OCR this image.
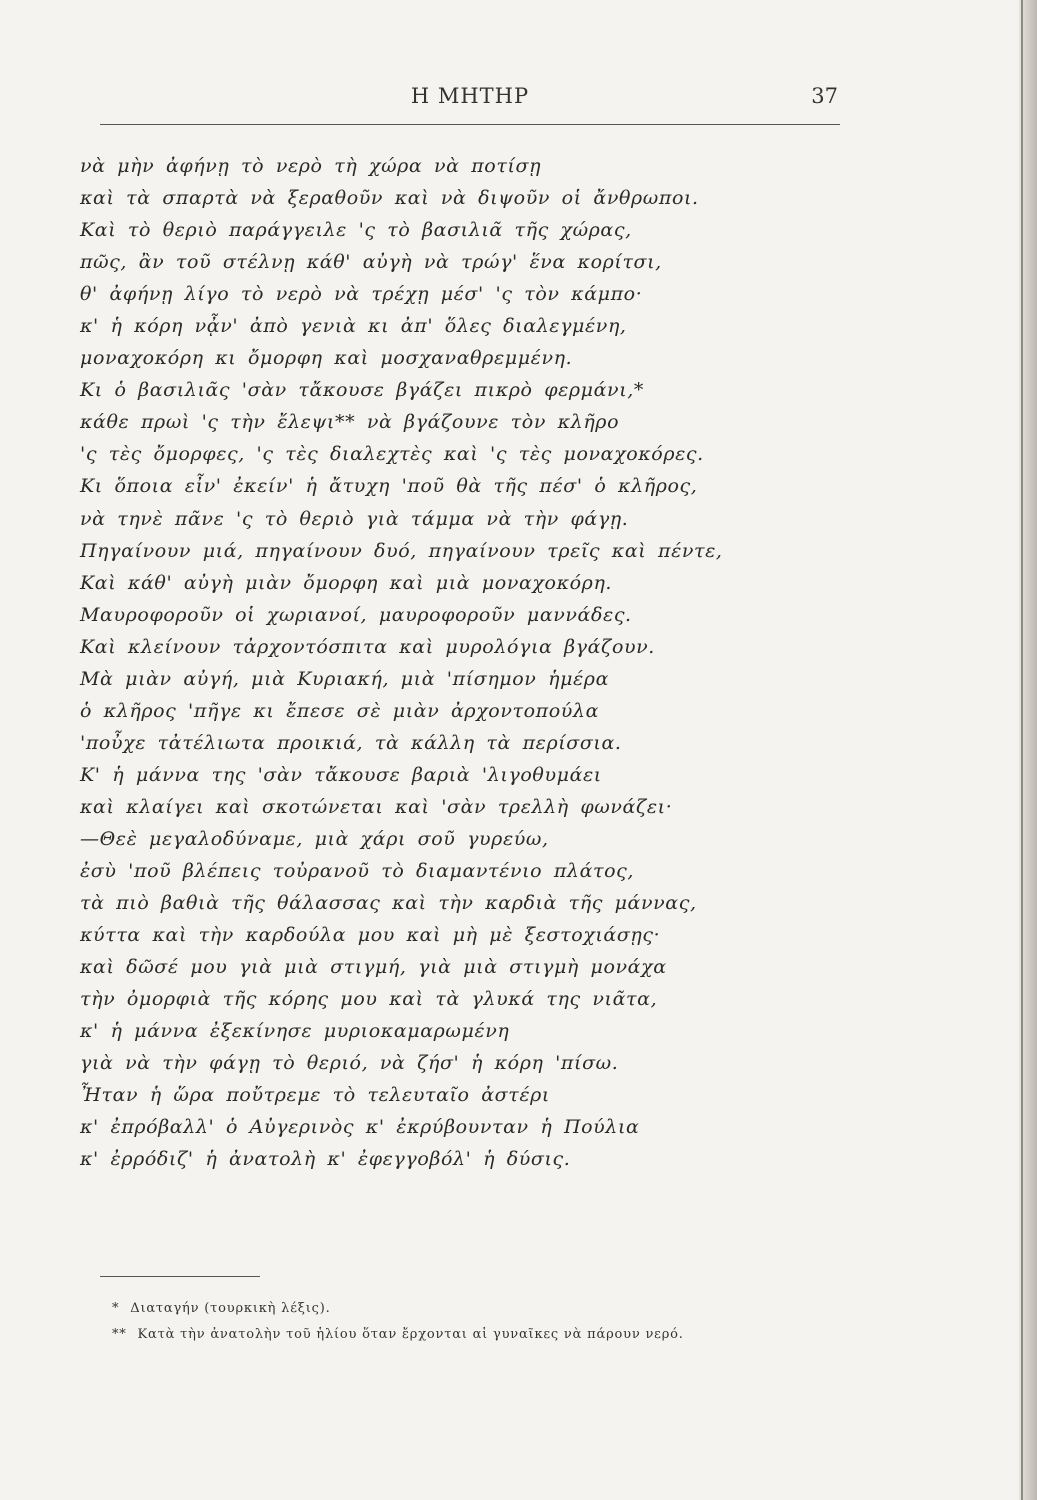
Η ΜΗΤΗΡ	37
νὰ μὴν ἀφήνῃ τὸ νερὸ τὴ χώρα νὰ ποτίσῃ
καὶ τὰ σπαρτὰ νὰ ξεραθοῦν καὶ νὰ διψοῦν οἱ ἄνθρωποι.
Καὶ τὸ θεριὸ παράγγειλε 'ς τὸ βασιλιᾶ τῆς χώρας,
πῶς, ἂν τοῦ στέλνῃ κάθ' αὐγὴ νὰ τρώγ' ἕνα κορίτσι,
θ' ἀφήνῃ λίγο τὸ νερὸ νὰ τρέχῃ μέσ' 'ς τὸν κάμπο·
κ' ἡ κόρη νᾆν' ἀπὸ γενιὰ κι ἀπ' ὅλες διαλεγμένη,
μοναχοκόρη κι ὄμορφη καὶ μοσχαναθρεμμένη.
Κι ὁ βασιλιᾶς 'σὰν τἄκουσε βγάζει πικρὸ φερμάνι,*
κάθε πρωὶ 'ς τὴν ἔλεψι** νὰ βγάζουνε τὸν κλῆρο
'ς τὲς ὄμορφες, 'ς τὲς διαλεχτὲς καὶ 'ς τὲς μοναχοκόρες.
Κι ὅποια εἶν' ἐκείν' ἡ ἄτυχη 'ποῦ θὰ τῆς πέσ' ὁ κλῆρος,
νὰ τηνὲ πᾶνε 'ς τὸ θεριὸ γιὰ τάμμα νὰ τὴν φάγῃ.
Πηγαίνουν μιά, πηγαίνουν δυό, πηγαίνουν τρεῖς καὶ πέντε,
Καὶ κάθ' αὐγὴ μιὰν ὄμορφη καὶ μιὰ μοναχοκόρη.
Μαυροφοροῦν οἱ χωριανοί, μαυροφοροῦν μαννάδες.
Καὶ κλείνουν τἀρχοντόσπιτα καὶ μυρολόγια βγάζουν.
Μὰ μιὰν αὐγή, μιὰ Κυριακή, μιὰ 'πίσημον ἡμέρα
ὁ κλῆρος 'πῆγε κι ἔπεσε σὲ μιὰν ἀρχοντοπούλα
'ποὖχε τἀτέλιωτα προικιά, τὰ κάλλη τὰ περίσσια.
Κ' ἡ μάννα της 'σὰν τἄκουσε βαριὰ 'λιγοθυμάει
καὶ κλαίγει καὶ σκοτώνεται καὶ 'σὰν τρελλὴ φωνάζει·
—Θεὲ μεγαλοδύναμε, μιὰ χάρι σοῦ γυρεύω,
ἐσὺ 'ποῦ βλέπεις τοὐρανοῦ τὸ διαμαντένιο πλάτος,
τὰ πιὸ βαθιὰ τῆς θάλασσας καὶ τὴν καρδιὰ τῆς μάννας,
κύττα καὶ τὴν καρδούλα μου καὶ μὴ μὲ ξεστοχιάσῃς·
καὶ δῶσέ μου γιὰ μιὰ στιγμή, γιὰ μιὰ στιγμὴ μονάχα
τὴν ὀμορφιὰ τῆς κόρης μου καὶ τὰ γλυκά της νιᾶτα,
κ' ἡ μάννα ἐξεκίνησε μυριοκαμαρωμένη
γιὰ νὰ τὴν φάγῃ τὸ θεριό, νὰ ζήσ' ἡ κόρη 'πίσω.
Ἦταν ἡ ὥρα ποὔτρεμε τὸ τελευταῖο ἀστέρι
κ' ἐπρόβαλλ' ὁ Αὐγερινὸς κ' ἐκρύβουνταν ἡ Πούλια
κ' ἐρρόδιζ' ἡ ἀνατολὴ κ' ἐφεγγοβόλ' ἡ δύσις.
* Διαταγήν (τουρκικὴ λέξις).
** Κατὰ τὴν ἀνατολὴν τοῦ ἡλίου ὅταν ἔρχονται αἱ γυναῖκες νὰ πάρουν νερό.
